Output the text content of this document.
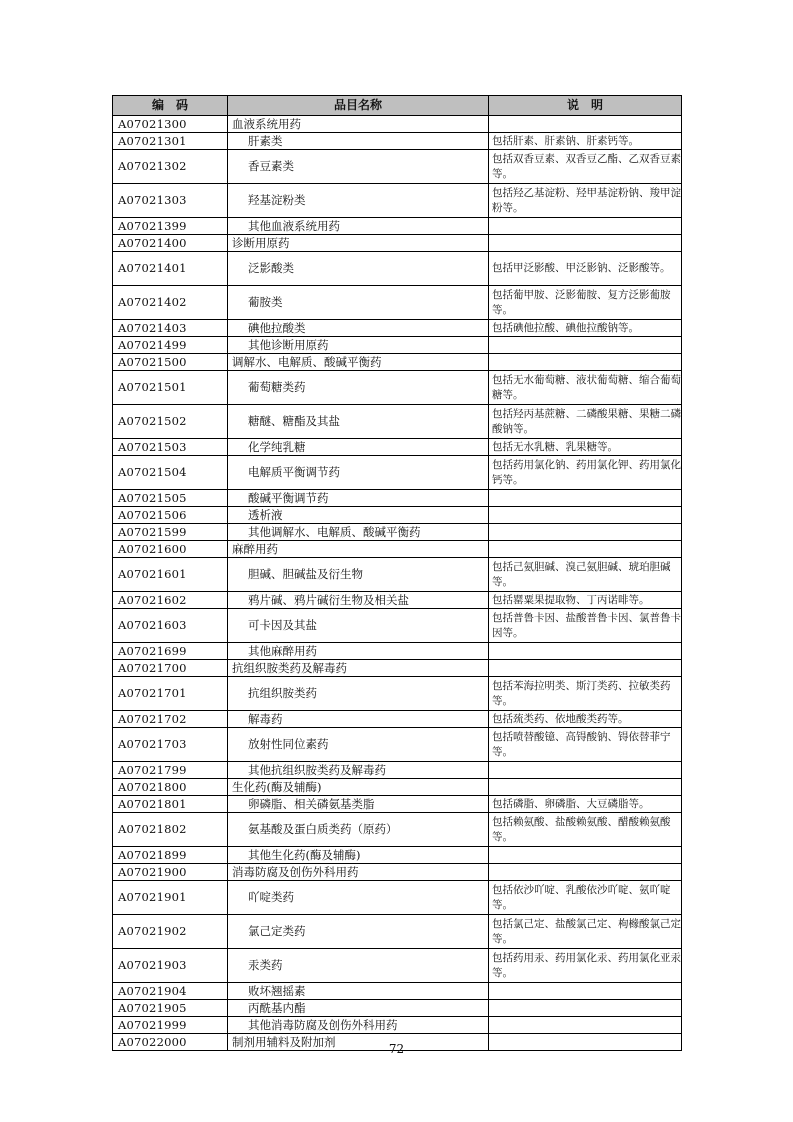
编　码	品目名称	说　明
A07021300	血液系统用药	
A07021301	肝素类	包括肝素、肝素钠、肝素钙等。
A07021302	香豆素类	包括双香豆素、双香豆乙酯、乙双香豆素等。
A07021303	羟基淀粉类	包括羟乙基淀粉、羟甲基淀粉钠、羧甲淀粉等。
A07021399	其他血液系统用药	
A07021400	诊断用原药	
A07021401	泛影酸类	包括甲泛影酸、甲泛影钠、泛影酸等。
A07021402	葡胺类	包括葡甲胺、泛影葡胺、复方泛影葡胺等。
A07021403	碘他拉酸类	包括碘他拉酸、碘他拉酸钠等。
A07021499	其他诊断用原药	
A07021500	调解水、电解质、酸碱平衡药	
A07021501	葡萄糖类药	包括无水葡萄糖、液状葡萄糖、缩合葡萄糖等。
A07021502	糖醚、糖酯及其盐	包括羟丙基蔗糖、二磷酸果糖、果糖二磷酸钠等。
A07021503	化学纯乳糖	包括无水乳糖、乳果糖等。
A07021504	电解质平衡调节药	包括药用氯化钠、药用氯化钾、药用氯化钙等。
A07021505	酸碱平衡调节药	
A07021506	透析液	
A07021599	其他调解水、电解质、酸碱平衡药	
A07021600	麻醉用药	
A07021601	胆碱、胆碱盐及衍生物	包括己氨胆碱、溴己氨胆碱、琥珀胆碱等。
A07021602	鸦片碱、鸦片碱衍生物及相关盐	包括罂粟果提取物、丁丙诺啡等。
A07021603	可卡因及其盐	包括普鲁卡因、盐酸普鲁卡因、氯普鲁卡因等。
A07021699	其他麻醉用药	
A07021700	抗组织胺类药及解毒药	
A07021701	抗组织胺类药	包括苯海拉明类、斯汀类药、拉敏类药等。
A07021702	解毒药	包括巯类药、依地酸类药等。
A07021703	放射性同位素药	包括喷替酸镱、高锝酸钠、锝依替菲宁等。
A07021799	其他抗组织胺类药及解毒药	
A07021800	生化药(酶及辅酶)	
A07021801	卵磷脂、相关磷氨基类脂	包括磷脂、卵磷脂、大豆磷脂等。
A07021802	氨基酸及蛋白质类药（原药）	包括赖氨酸、盐酸赖氨酸、醋酸赖氨酸等。
A07021899	其他生化药(酶及辅酶)	
A07021900	消毒防腐及创伤外科用药	
A07021901	吖啶类药	包括依沙吖啶、乳酸依沙吖啶、氨吖啶等。
A07021902	氯己定类药	包括氯己定、盐酸氯己定、枸橼酸氯己定等。
A07021903	汞类药	包括药用汞、药用氯化汞、药用氯化亚汞等。
A07021904	败坏翘摇素	
A07021905	丙酰基内酯	
A07021999	其他消毒防腐及创伤外科用药	
A07022000	制剂用辅料及附加剂	
72
